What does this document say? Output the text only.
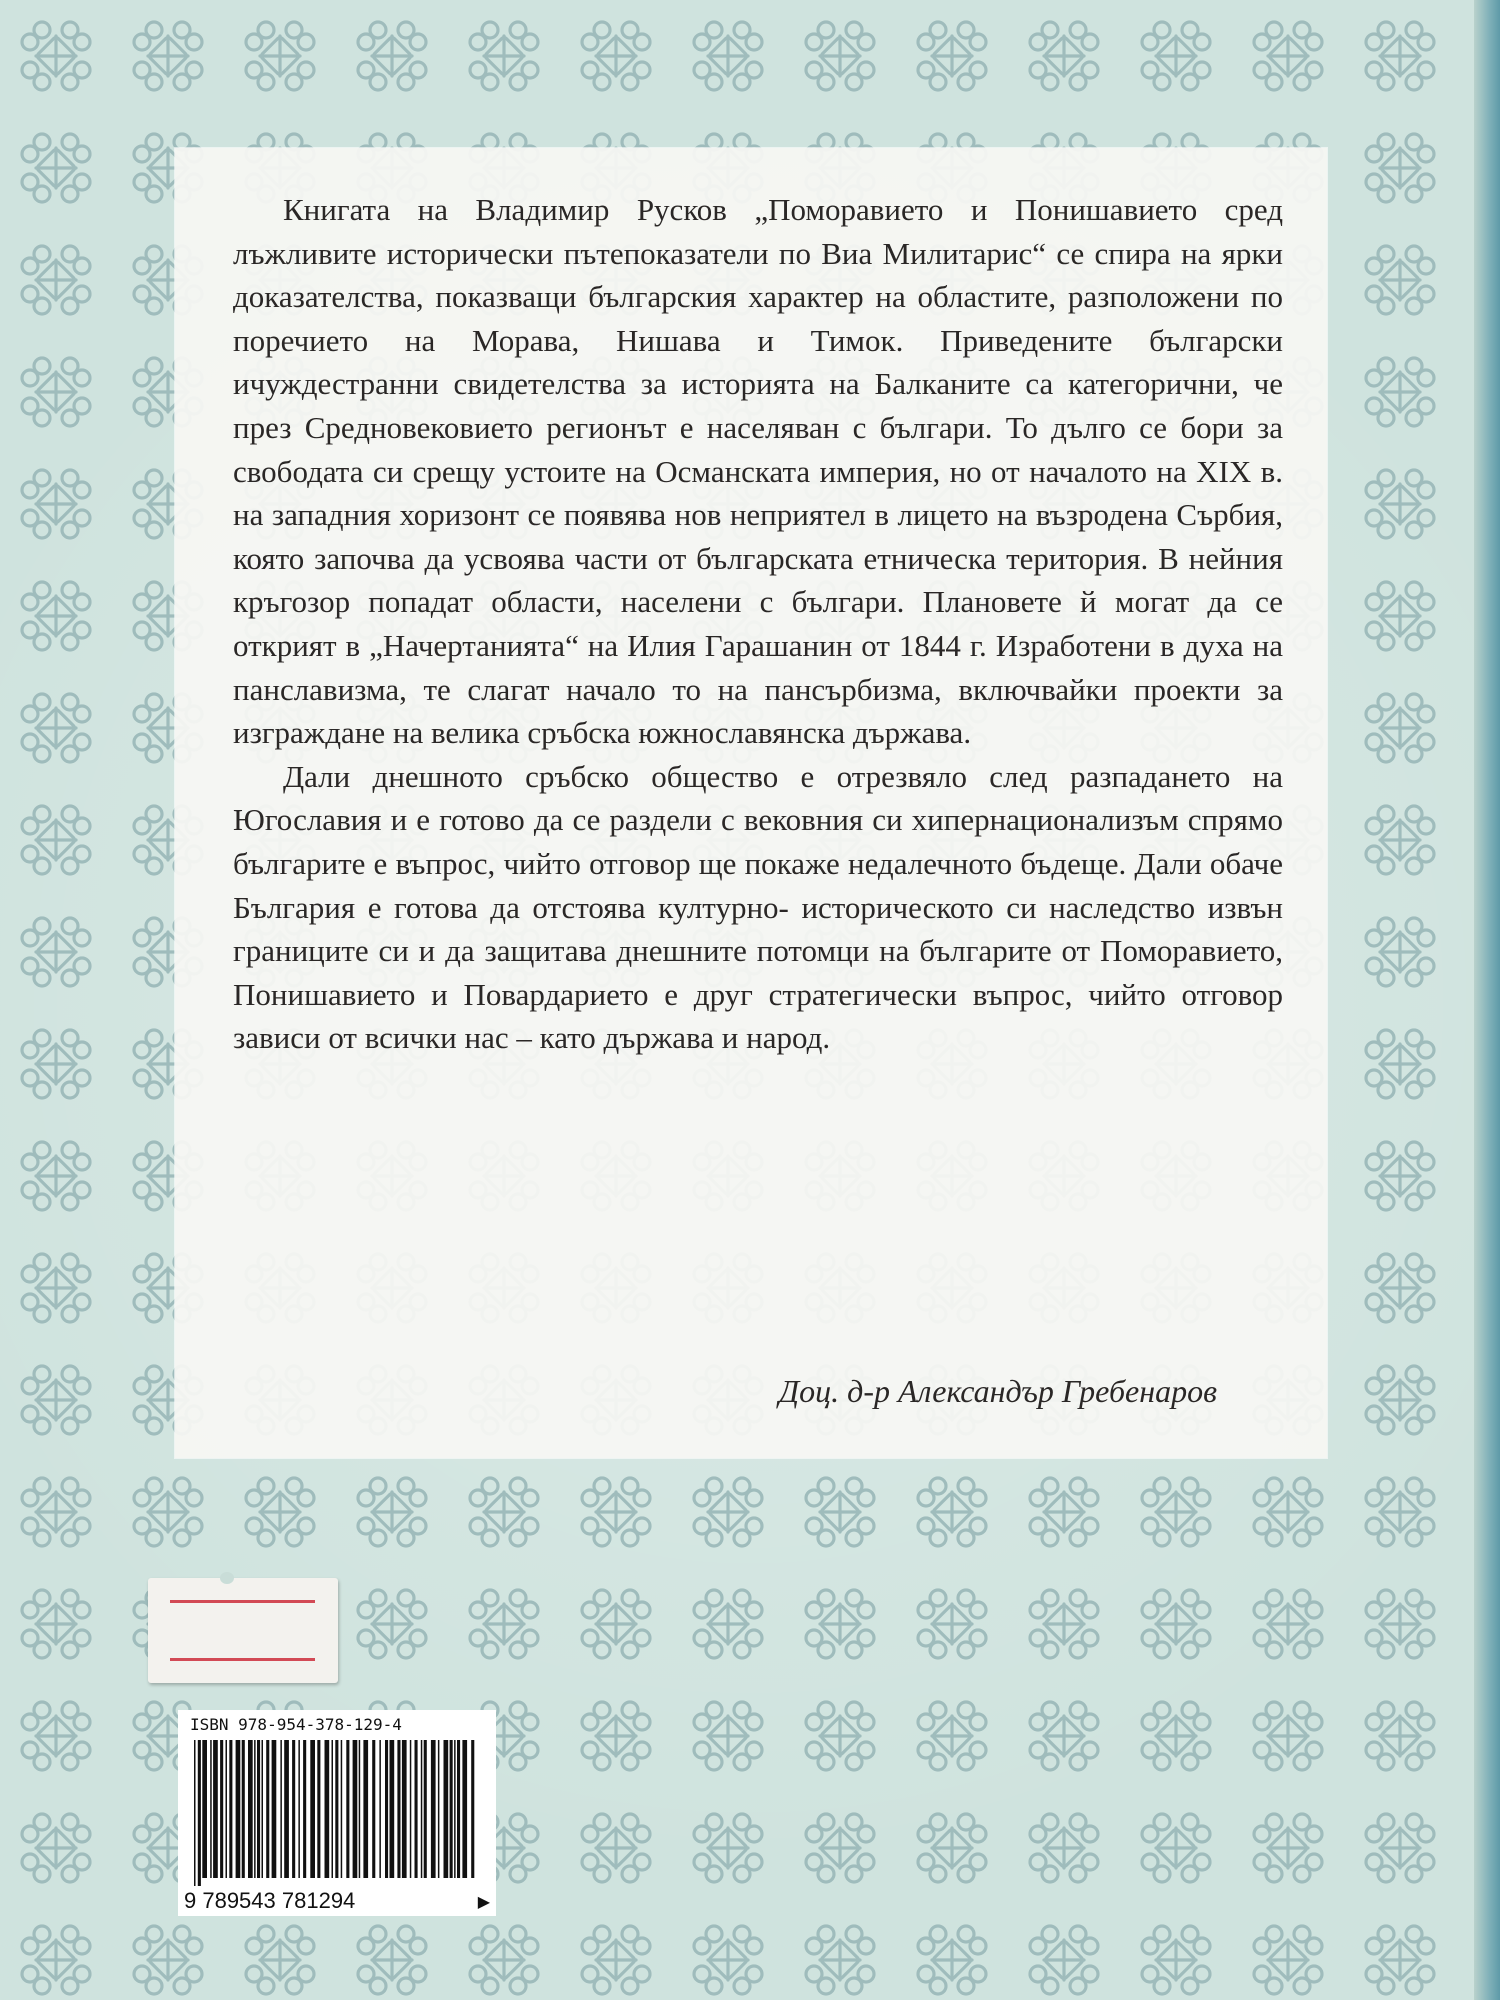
Книгата на Владимир Русков „Поморавието и Понишавието сред лъжливите исторически пътепоказатели по Виа Милитарис“ се спира на ярки доказателства, показващи българския характер на областите, разположени по поречието на Морава, Нишава и Тимок. Приведените български ичуждестранни свидетелства за историята на Балканите са категорични, че през Средновековието регионът е населяван с българи. То дълго се бори за свободата си срещу устоите на Османската империя, но от началото на XIX в. на западния хоризонт се появява нов неприятел в лицето на възродена Сърбия, която започва да усвоява части от българската етническа територия. В нейния кръгозор попадат области, населени с българи. Плановете й могат да се открият в „Начертанията“ на Илия Гарашанин от 1844 г. Изработени в духа на панславизма, те слагат начало то на пансърбизма, включвайки проекти за изграждане на велика сръбска южнославянска държава.

Дали днешното сръбско общество е отрезвяло след разпадането на Югославия и е готово да се раздели с вековния си хипернационализъм спрямо българите е въпрос, чийто отговор ще покаже недалечното бъдеще. Дали обаче България е готова да отстоява културно- историческото си наследство извън границите си и да защитава днешните потомци на българите от Поморавието, Понишавието и Повардарието е друг стратегически въпрос, чийто отговор зависи от всички нас – като държава и народ.

Доц. д-р Александър Гребенаров
ISBN 978-954-378-129-4
9 789543 781294	▶
